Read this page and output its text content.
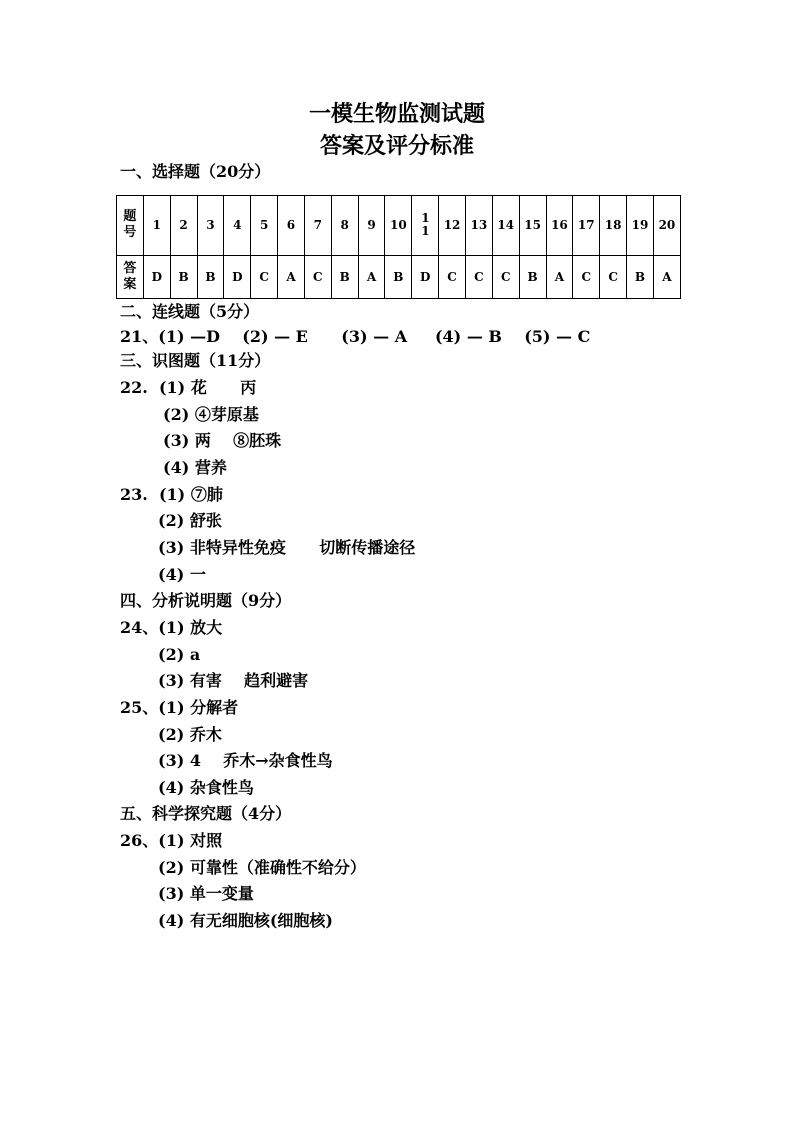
一模生物监测试题
答案及评分标准
一、选择题（20分）
题号	1	2	3	4	5	6	7	8	9	10	11	12	13	14	15	16	17	18	19	20
答案	D	B	B	D	C	A	C	B	A	B	D	C	C	C	B	A	C	C	B	A
二、连线题（5分）
21、(1) —D    (2) — E      (3) — A     (4) — B    (5) — C
三、识图题（11分）
22.  (1) 花      丙
(2) ④芽原基
(3) 两    ⑧胚珠
(4) 营养
23.  (1) ⑦肺
(2) 舒张
(3) 非特异性免疫      切断传播途径
(4) 一
四、分析说明题（9分）
24、(1) 放大
(2) a
(3) 有害    趋利避害
25、(1) 分解者
(2) 乔木
(3) 4    乔木→杂食性鸟
(4) 杂食性鸟
五、科学探究题（4分）
26、(1) 对照
(2) 可靠性（准确性不给分）
(3) 单一变量
(4) 有无细胞核(细胞核)
